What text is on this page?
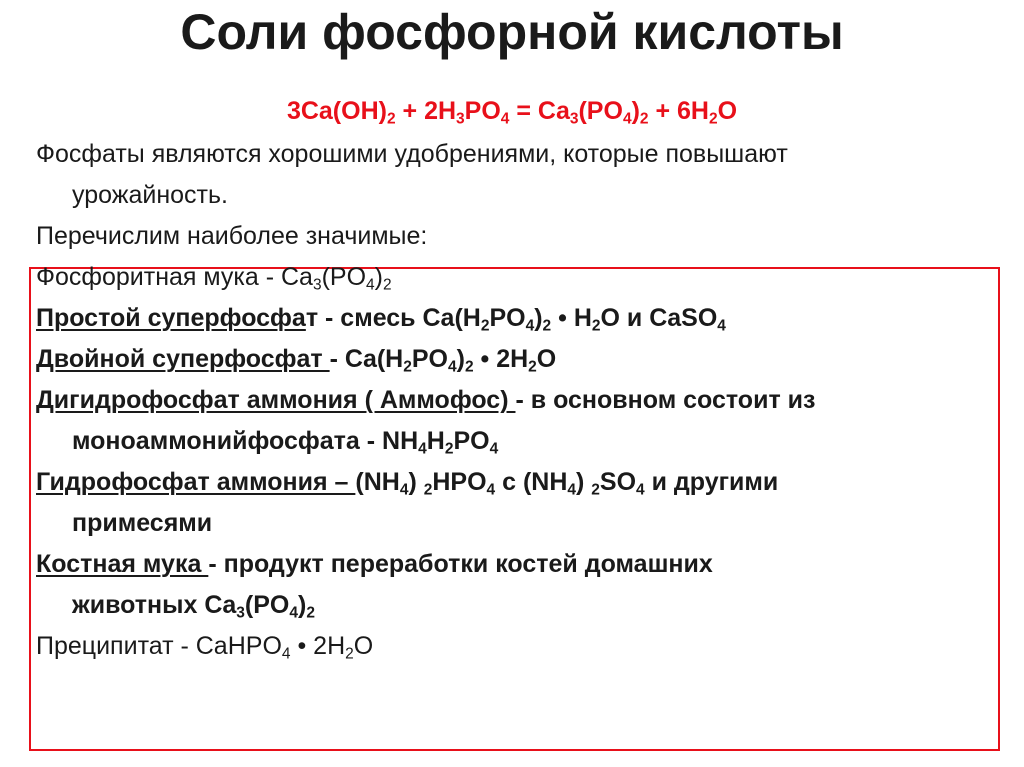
Соли фосфорной кислоты
$3Ca(OH)_2 + 2H_3PO_4 = Ca_3(PO_4)_2 + 6H_2O$
Фосфаты являются хорошими удобрениями, которые повышают
урожайность.
Перечислим наиболее значимые:
Фосфоритная мука - $Ca_3(PO_4)_2$
Простой суперфосфат - смесь $Ca(H_2PO_4)_2$ • $H_2O$ и CaSO$_4$
Двойной суперфосфат - $Ca(H_2PO_4)_2$ • $2H_2O$
Дигидрофосфат аммония ( Аммофос) - в основном состоит из
моноаммонийфосфата - $NH_4H_2PO_4$
Гидрофосфат аммония – $(NH_4)$ $_2HPO_4$ с $(NH_4)$ $_2SO_4$ и другими
примесями
Костная мука - продукт переработки костей домашних
животных $Ca_3(PO_4)_2$
Преципитат - CaHPO$_4$ • $2H_2O$
